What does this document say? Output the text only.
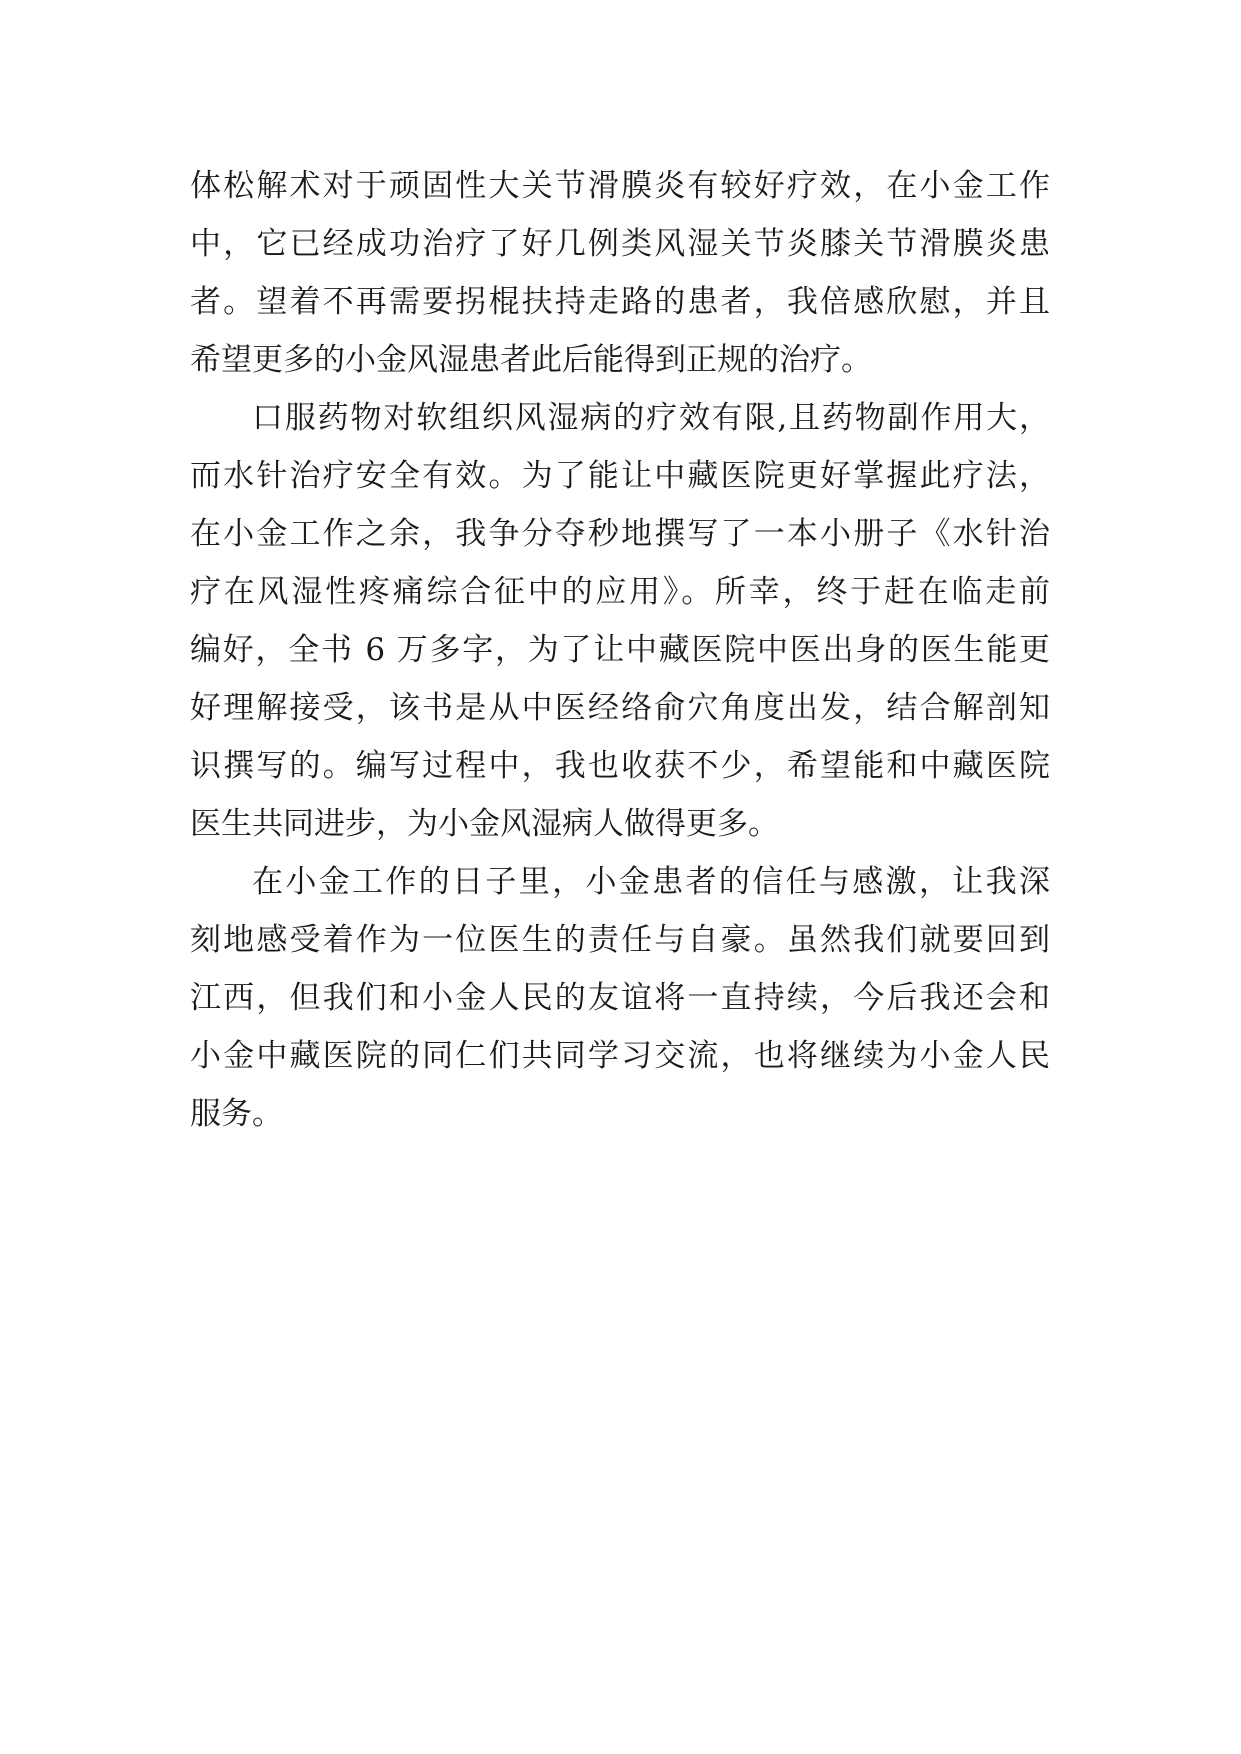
体松解术对于顽固性大关节滑膜炎有较好疗效，在小金工作
中，它已经成功治疗了好几例类风湿关节炎膝关节滑膜炎患
者。望着不再需要拐棍扶持走路的患者，我倍感欣慰，并且
希望更多的小金风湿患者此后能得到正规的治疗。
口服药物对软组织风湿病的疗效有限,且药物副作用大，
而水针治疗安全有效。为了能让中藏医院更好掌握此疗法，
在小金工作之余，我争分夺秒地撰写了一本小册子《水针治
疗在风湿性疼痛综合征中的应用》。所幸，终于赶在临走前
编好，全书 6 万多字，为了让中藏医院中医出身的医生能更
好理解接受，该书是从中医经络俞穴角度出发，结合解剖知
识撰写的。编写过程中，我也收获不少，希望能和中藏医院
医生共同进步，为小金风湿病人做得更多。
在小金工作的日子里，小金患者的信任与感激，让我深
刻地感受着作为一位医生的责任与自豪。虽然我们就要回到
江西，但我们和小金人民的友谊将一直持续，今后我还会和
小金中藏医院的同仁们共同学习交流，也将继续为小金人民
服务。
